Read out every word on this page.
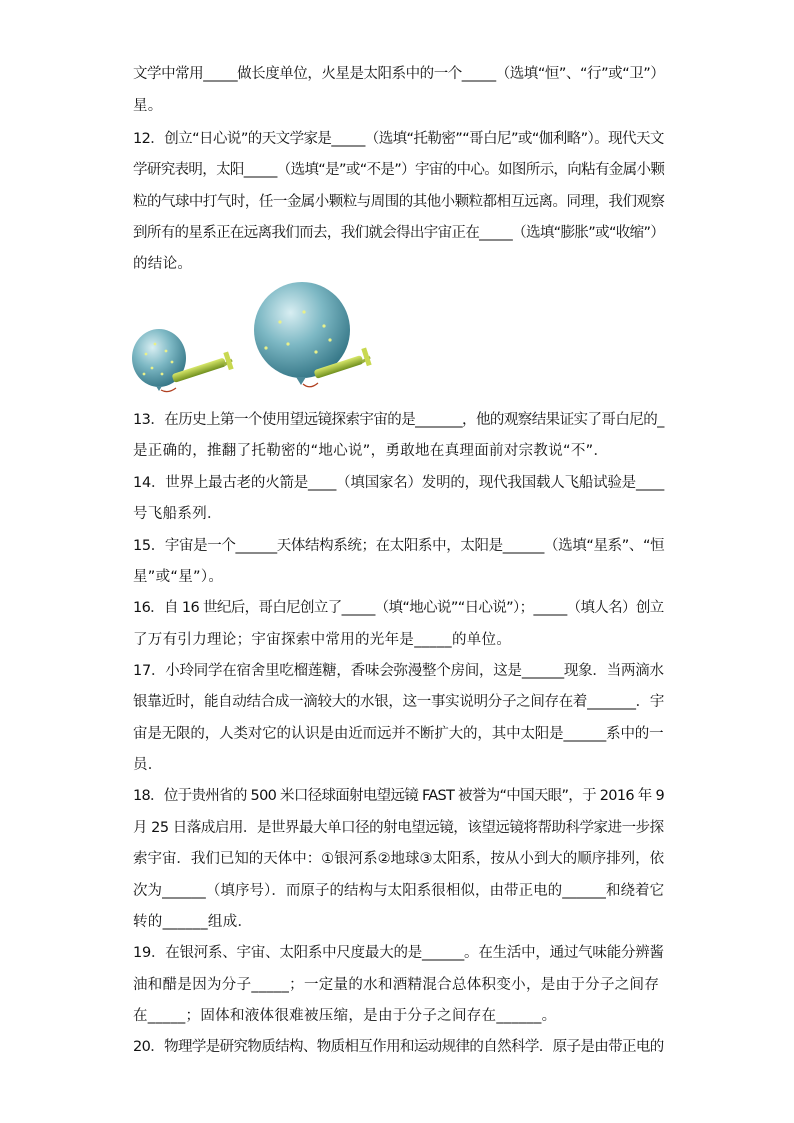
文学中常用_____做长度单位，火星是太阳系中的一个_____（选填“恒”、“行”或“卫”）
星。
12．创立“日心说”的天文学家是_____（选填“托勒密”“哥白尼”或“伽利略”）。现代天文
学研究表明，太阳_____（选填“是”或“不是”）宇宙的中心。如图所示，向粘有金属小颗
粒的气球中打气时，任一金属小颗粒与周围的其他小颗粒都相互远离。同理，我们观察
到所有的星系正在远离我们而去，我们就会得出宇宙正在_____（选填“膨胀”或“收缩”）
的结论。
13．在历史上第一个使用望远镜探索宇宙的是_______，他的观察结果证实了哥白尼的_
是正确的，推翻了托勒密的“地心说”，勇敢地在真理面前对宗教说“不”．
14．世界上最古老的火箭是____（填国家名）发明的，现代我国载人飞船试验是____
号飞船系列．
15．宇宙是一个______天体结构系统；在太阳系中，太阳是______（选填“星系”、“恒
星”或“星”）。
16．自 16 世纪后，哥白尼创立了_____（填“地心说”“日心说”）；_____（填人名）创立
了万有引力理论；宇宙探索中常用的光年是_____的单位。
17．小玲同学在宿舍里吃榴莲糖，香味会弥漫整个房间，这是______现象．当两滴水
银靠近时，能自动结合成一滴较大的水银，这一事实说明分子之间存在着_______．宇
宙是无限的，人类对它的认识是由近而远并不断扩大的，其中太阳是______系中的一
员．
18．位于贵州省的 500 米口径球面射电望远镜 FAST 被誉为“中国天眼”，于 2016 年 9
月 25 日落成启用．是世界最大单口径的射电望远镜，该望远镜将帮助科学家进一步探
索宇宙．我们已知的天体中：①银河系②地球③太阳系，按从小到大的顺序排列，依
次为______（填序号）．而原子的结构与太阳系很相似，由带正电的______和绕着它
转的______组成．
19．在银河系、宇宙、太阳系中尺度最大的是______。在生活中，通过气味能分辨酱
油和醋是因为分子_____；一定量的水和酒精混合总体积变小，是由于分子之间存
在_____；固体和液体很难被压缩，是由于分子之间存在______。
20．物理学是研究物质结构、物质相互作用和运动规律的自然科学．原子是由带正电的
